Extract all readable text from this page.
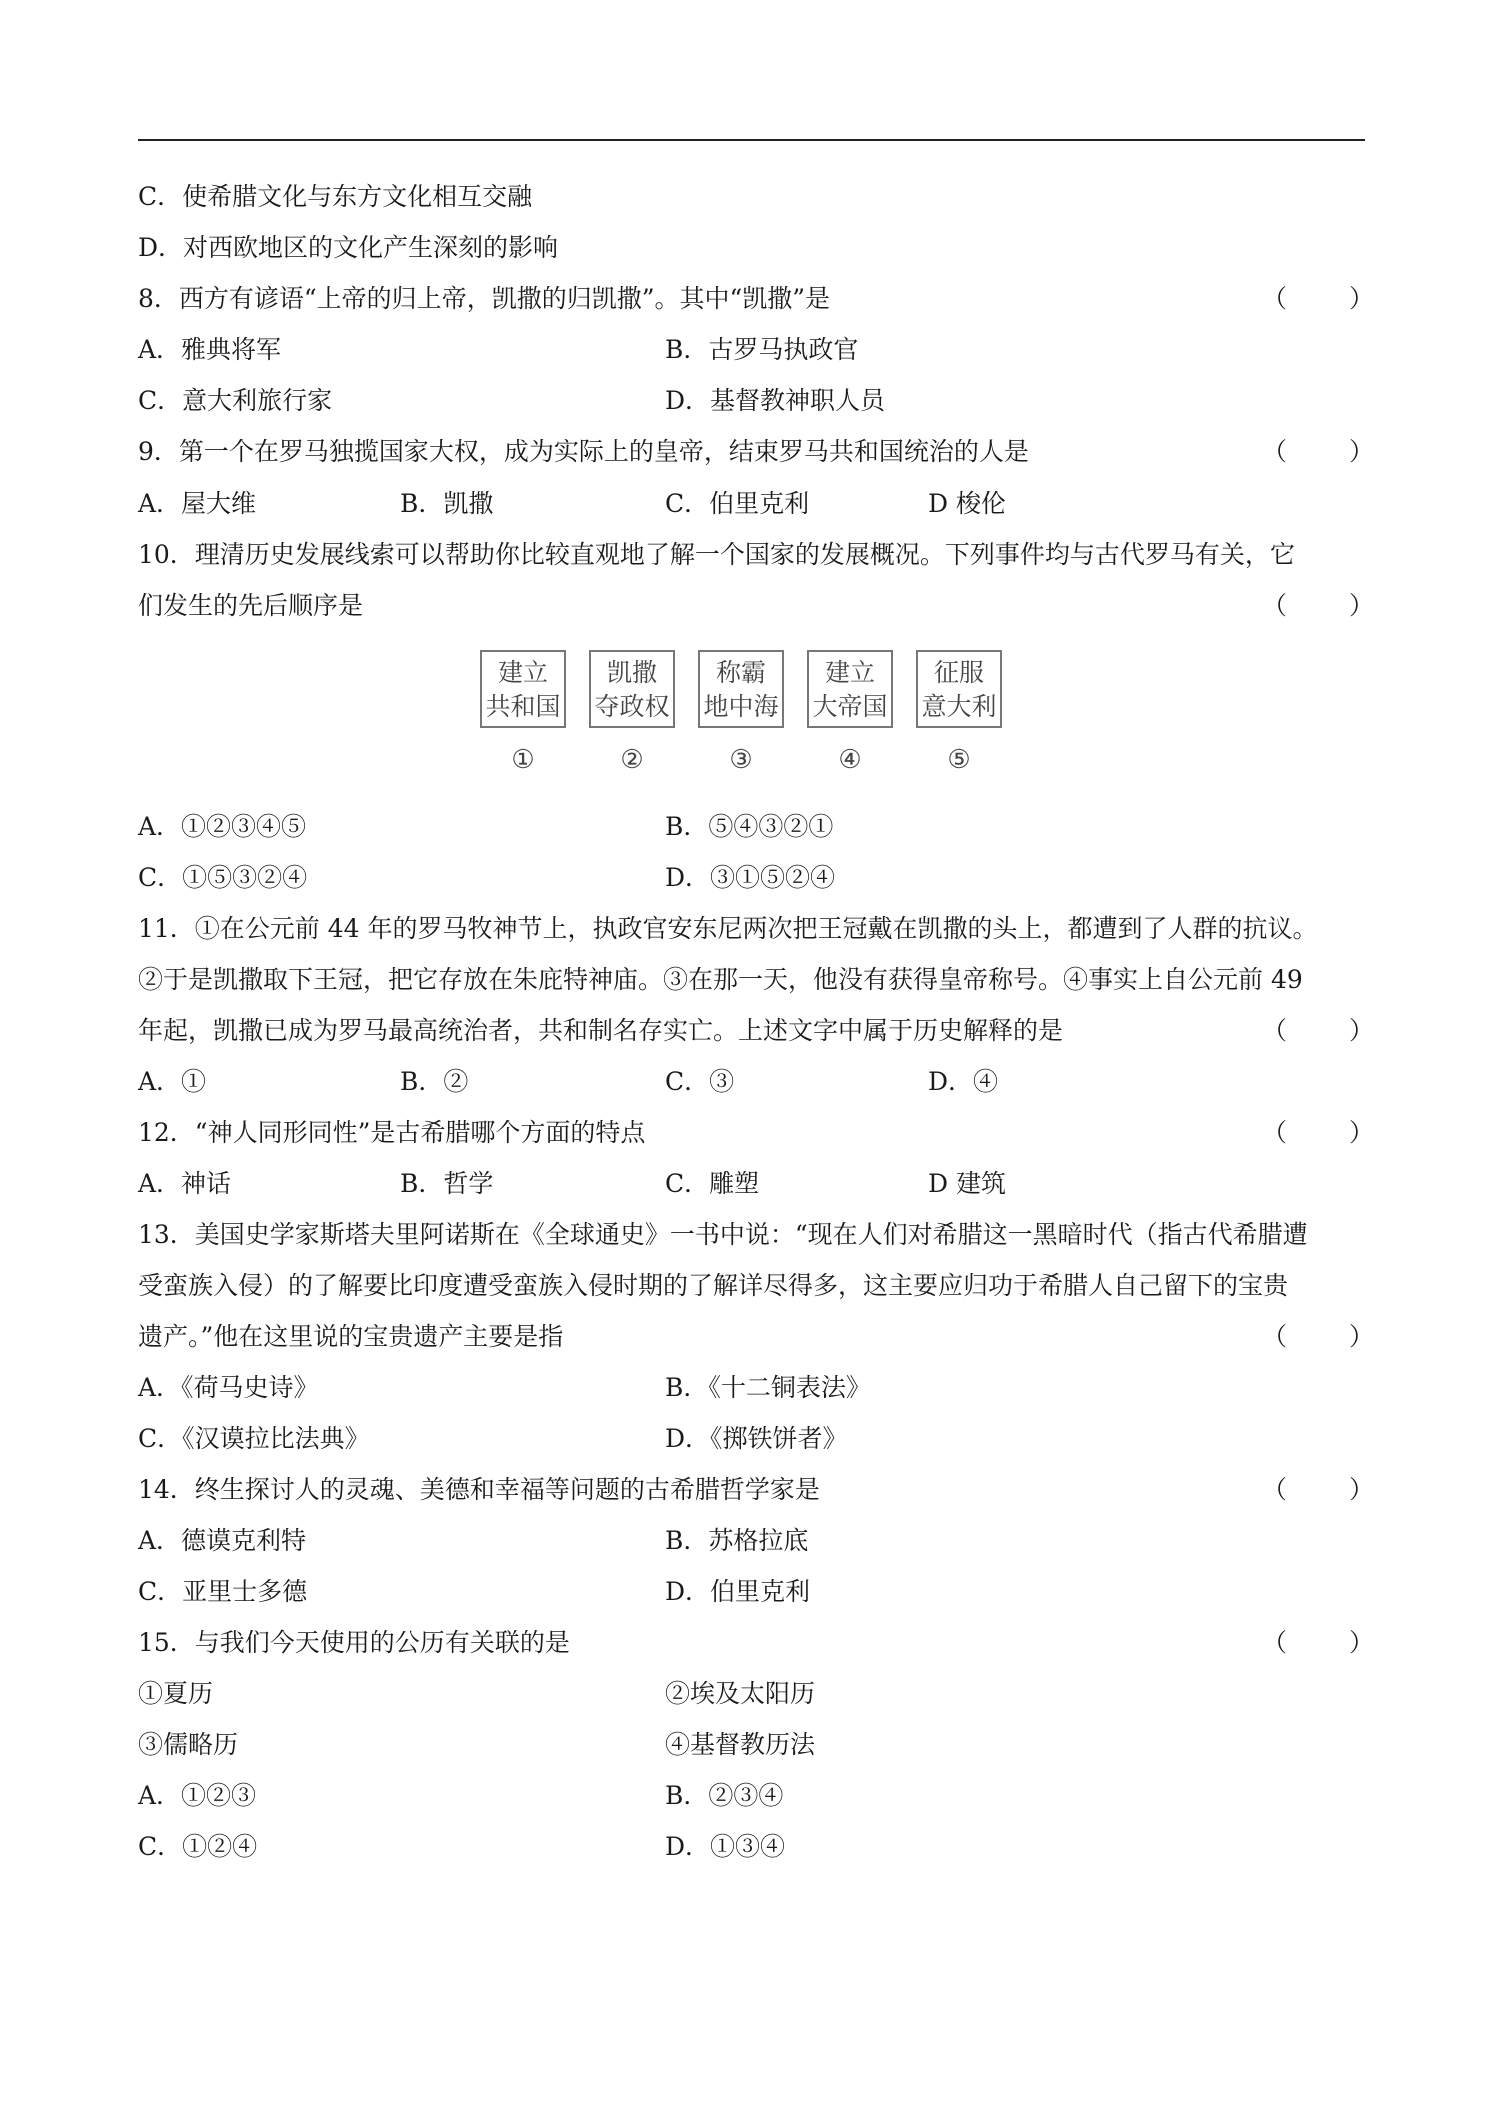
C．使希腊文化与东方文化相互交融
D．对西欧地区的文化产生深刻的影响
8．西方有谚语“上帝的归上帝，凯撒的归凯撒”。其中“凯撒”是	（　　）
A．雅典将军	B．古罗马执政官
C．意大利旅行家	D．基督教神职人员
9．第一个在罗马独揽国家大权，成为实际上的皇帝，结束罗马共和国统治的人是	（　　）
A．屋大维	B．凯撒	C．伯里克利	D 梭伦
10．理清历史发展线索可以帮助你比较直观地了解一个国家的发展概况。下列事件均与古代罗马有关，它
们发生的先后顺序是	（　　）
建立
共和国
凯撒
夺政权
称霸
地中海
建立
大帝国
征服
意大利
①	②	③	④	⑤
A．①②③④⑤	B．⑤④③②①
C．①⑤③②④	D．③①⑤②④
11．①在公元前 44 年的罗马牧神节上，执政官安东尼两次把王冠戴在凯撒的头上，都遭到了人群的抗议。
②于是凯撒取下王冠，把它存放在朱庇特神庙。③在那一天，他没有获得皇帝称号。④事实上自公元前 49
年起，凯撒已成为罗马最高统治者，共和制名存实亡。上述文字中属于历史解释的是	（　　）
A．①	B．②	C．③	D．④
12．“神人同形同性”是古希腊哪个方面的特点	（　　）
A．神话	B．哲学	C．雕塑	D 建筑
13．美国史学家斯塔夫里阿诺斯在《全球通史》一书中说：“现在人们对希腊这一黑暗时代（指古代希腊遭
受蛮族入侵）的了解要比印度遭受蛮族入侵时期的了解详尽得多，这主要应归功于希腊人自己留下的宝贵
遗产。”他在这里说的宝贵遗产主要是指	（　　）
A．《荷马史诗》	B．《十二铜表法》
C．《汉谟拉比法典》	D．《掷铁饼者》
14．终生探讨人的灵魂、美德和幸福等问题的古希腊哲学家是	（　　）
A．德谟克利特	B．苏格拉底
C．亚里士多德	D．伯里克利
15．与我们今天使用的公历有关联的是	（　　）
①夏历	②埃及太阳历
③儒略历	④基督教历法
A．①②③	B．②③④
C．①②④	D．①③④
